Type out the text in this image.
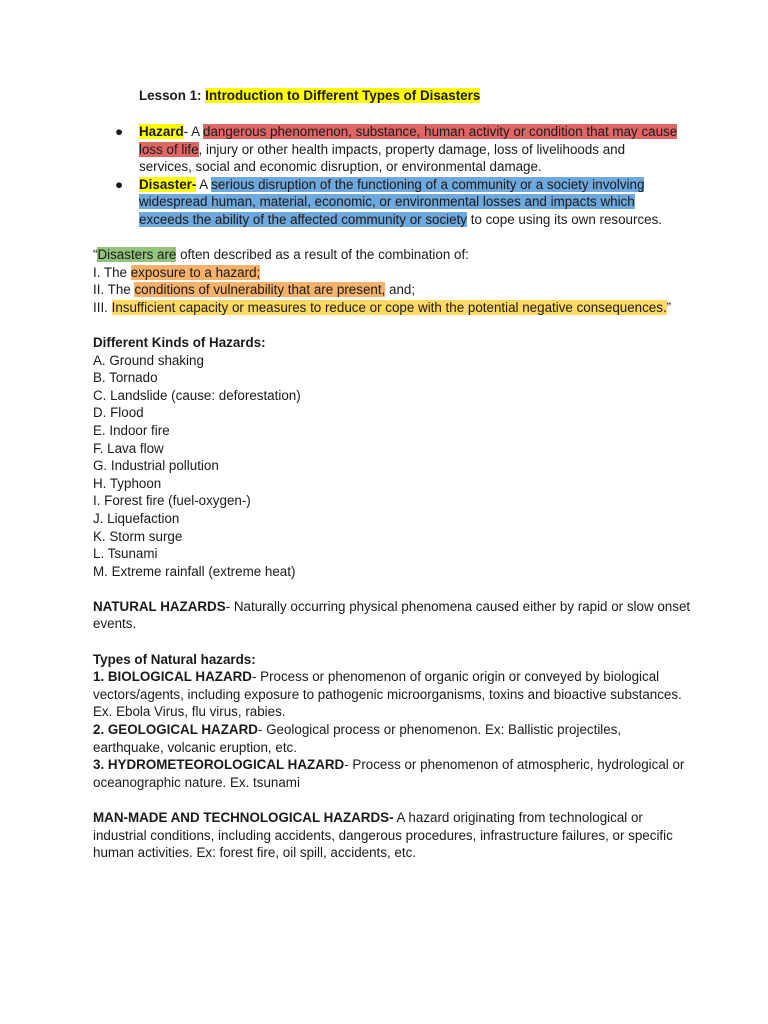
Lesson 1: Introduction to Different Types of Disasters
● Hazard- A dangerous phenomenon, substance, human activity or condition that may cause loss of life, injury or other health impacts, property damage, loss of livelihoods and services, social and economic disruption, or environmental damage.
● Disaster- A serious disruption of the functioning of a community or a society involving widespread human, material, economic, or environmental losses and impacts which exceeds the ability of the affected community or society to cope using its own resources.
“Disasters are often described as a result of the combination of:
I. The exposure to a hazard;
II. The conditions of vulnerability that are present, and;
III. Insufficient capacity or measures to reduce or cope with the potential negative consequences.”
Different Kinds of Hazards:
A. Ground shaking
B. Tornado
C. Landslide (cause: deforestation)
D. Flood
E. Indoor fire
F. Lava flow
G. Industrial pollution
H. Typhoon
I. Forest fire (fuel-oxygen-)
J. Liquefaction
K. Storm surge
L. Tsunami
M. Extreme rainfall (extreme heat)
NATURAL HAZARDS- Naturally occurring physical phenomena caused either by rapid or slow onset events.
Types of Natural hazards:
1. BIOLOGICAL HAZARD- Process or phenomenon of organic origin or conveyed by biological vectors/agents, including exposure to pathogenic microorganisms, toxins and bioactive substances. Ex. Ebola Virus, flu virus, rabies.
2. GEOLOGICAL HAZARD- Geological process or phenomenon. Ex: Ballistic projectiles, earthquake, volcanic eruption, etc.
3. HYDROMETEOROLOGICAL HAZARD- Process or phenomenon of atmospheric, hydrological or oceanographic nature. Ex. tsunami
MAN-MADE AND TECHNOLOGICAL HAZARDS- A hazard originating from technological or industrial conditions, including accidents, dangerous procedures, infrastructure failures, or specific human activities. Ex: forest fire, oil spill, accidents, etc.
